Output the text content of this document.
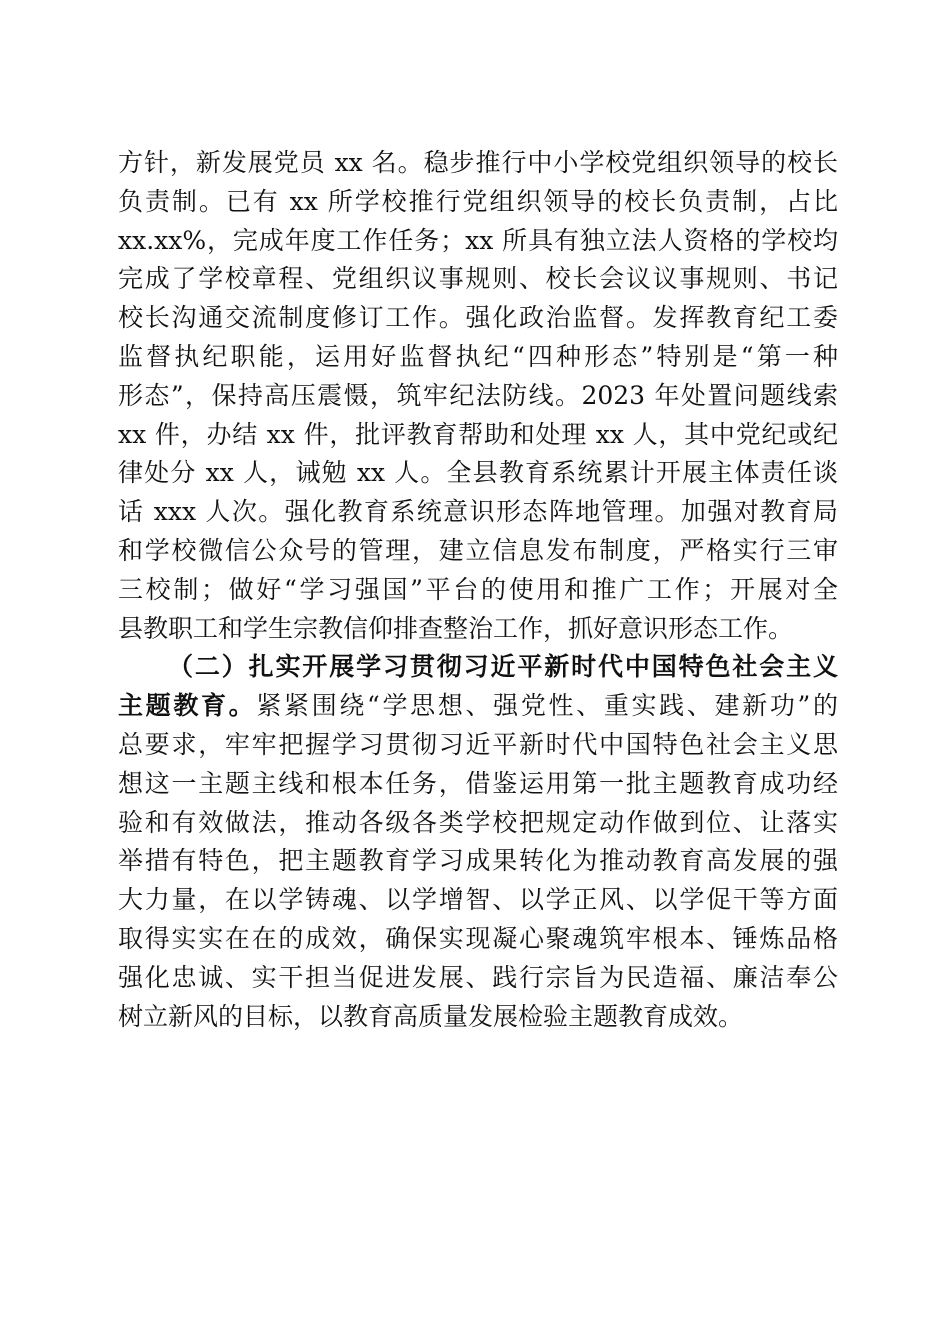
方针，新发展党员 xx 名。稳步推行中小学校党组织领导的校长
负责制。已有 xx 所学校推行党组织领导的校长负责制，占比
xx.xx%，完成年度工作任务；xx 所具有独立法人资格的学校均
完成了学校章程、党组织议事规则、校长会议议事规则、书记
校长沟通交流制度修订工作。强化政治监督。发挥教育纪工委
监督执纪职能，运用好监督执纪“四种形态”特别是“第一种
形态”，保持高压震慑，筑牢纪法防线。2023 年处置问题线索
xx 件，办结 xx 件，批评教育帮助和处理 xx 人，其中党纪或纪
律处分 xx 人，诫勉 xx 人。全县教育系统累计开展主体责任谈
话 xxx 人次。强化教育系统意识形态阵地管理。加强对教育局
和学校微信公众号的管理，建立信息发布制度，严格实行三审
三校制；做好“学习强国”平台的使用和推广工作；开展对全
县教职工和学生宗教信仰排查整治工作，抓好意识形态工作。
（二）扎实开展学习贯彻习近平新时代中国特色社会主义
主题教育。紧紧围绕“学思想、强党性、重实践、建新功”的
总要求，牢牢把握学习贯彻习近平新时代中国特色社会主义思
想这一主题主线和根本任务，借鉴运用第一批主题教育成功经
验和有效做法，推动各级各类学校把规定动作做到位、让落实
举措有特色，把主题教育学习成果转化为推动教育高发展的强
大力量，在以学铸魂、以学增智、以学正风、以学促干等方面
取得实实在在的成效，确保实现凝心聚魂筑牢根本、锤炼品格
强化忠诚、实干担当促进发展、践行宗旨为民造福、廉洁奉公
树立新风的目标，以教育高质量发展检验主题教育成效。
